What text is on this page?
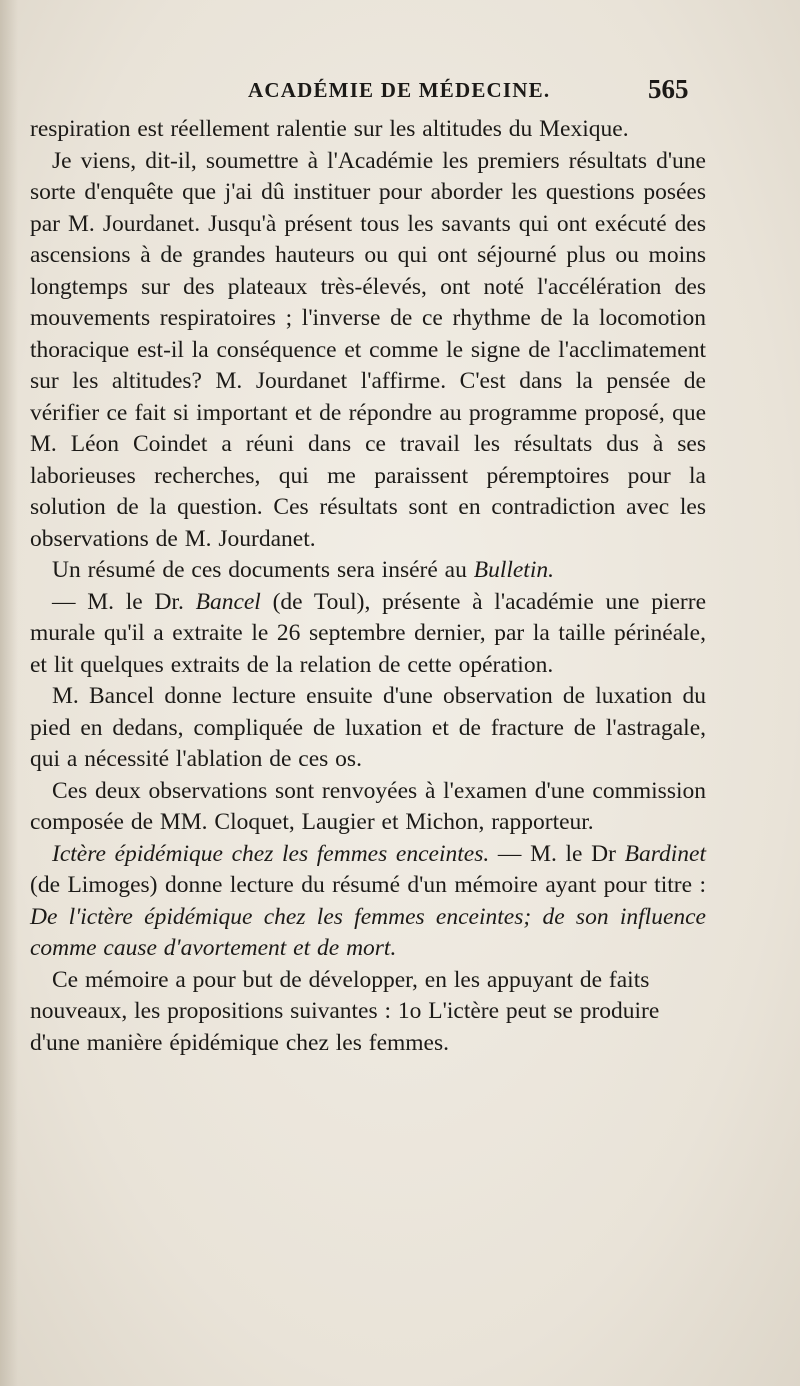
ACADÉMIE DE MÉDECINE.	565

respiration est réellement ralentie sur les altitudes du Mexique.

Je viens, dit-il, soumettre à l'Académie les premiers résultats d'une sorte d'enquête que j'ai dû instituer pour aborder les questions posées par M. Jourdanet. Jusqu'à présent tous les savants qui ont exécuté des ascensions à de grandes hauteurs ou qui ont séjourné plus ou moins longtemps sur des plateaux très-élevés, ont noté l'accélération des mouvements respiratoires ; l'inverse de ce rhythme de la locomotion thoracique est-il la conséquence et comme le signe de l'acclimatement sur les altitudes? M. Jourdanet l'affirme. C'est dans la pensée de vérifier ce fait si important et de répondre au programme proposé, que M. Léon Coindet a réuni dans ce travail les résultats dus à ses laborieuses recherches, qui me paraissent péremptoires pour la solution de la question. Ces résultats sont en contradiction avec les observations de M. Jourdanet.

Un résumé de ces documents sera inséré au Bulletin.

— M. le Dr. Bancel (de Toul), présente à l'académie une pierre murale qu'il a extraite le 26 septembre dernier, par la taille périnéale, et lit quelques extraits de la relation de cette opération.

M. Bancel donne lecture ensuite d'une observation de luxation du pied en dedans, compliquée de luxation et de fracture de l'astragale, qui a nécessité l'ablation de ces os.

Ces deux observations sont renvoyées à l'examen d'une commission composée de MM. Cloquet, Laugier et Michon, rapporteur.

Ictère épidémique chez les femmes enceintes. — M. le Dr Bardinet (de Limoges) donne lecture du résumé d'un mémoire ayant pour titre : De l'ictère épidémique chez les femmes enceintes; de son influence comme cause d'avortement et de mort.

Ce mémoire a pour but de développer, en les appuyant de faits nouveaux, les propositions suivantes : 1o L'ictère peut se produire d'une manière épidémique chez les femmes.
